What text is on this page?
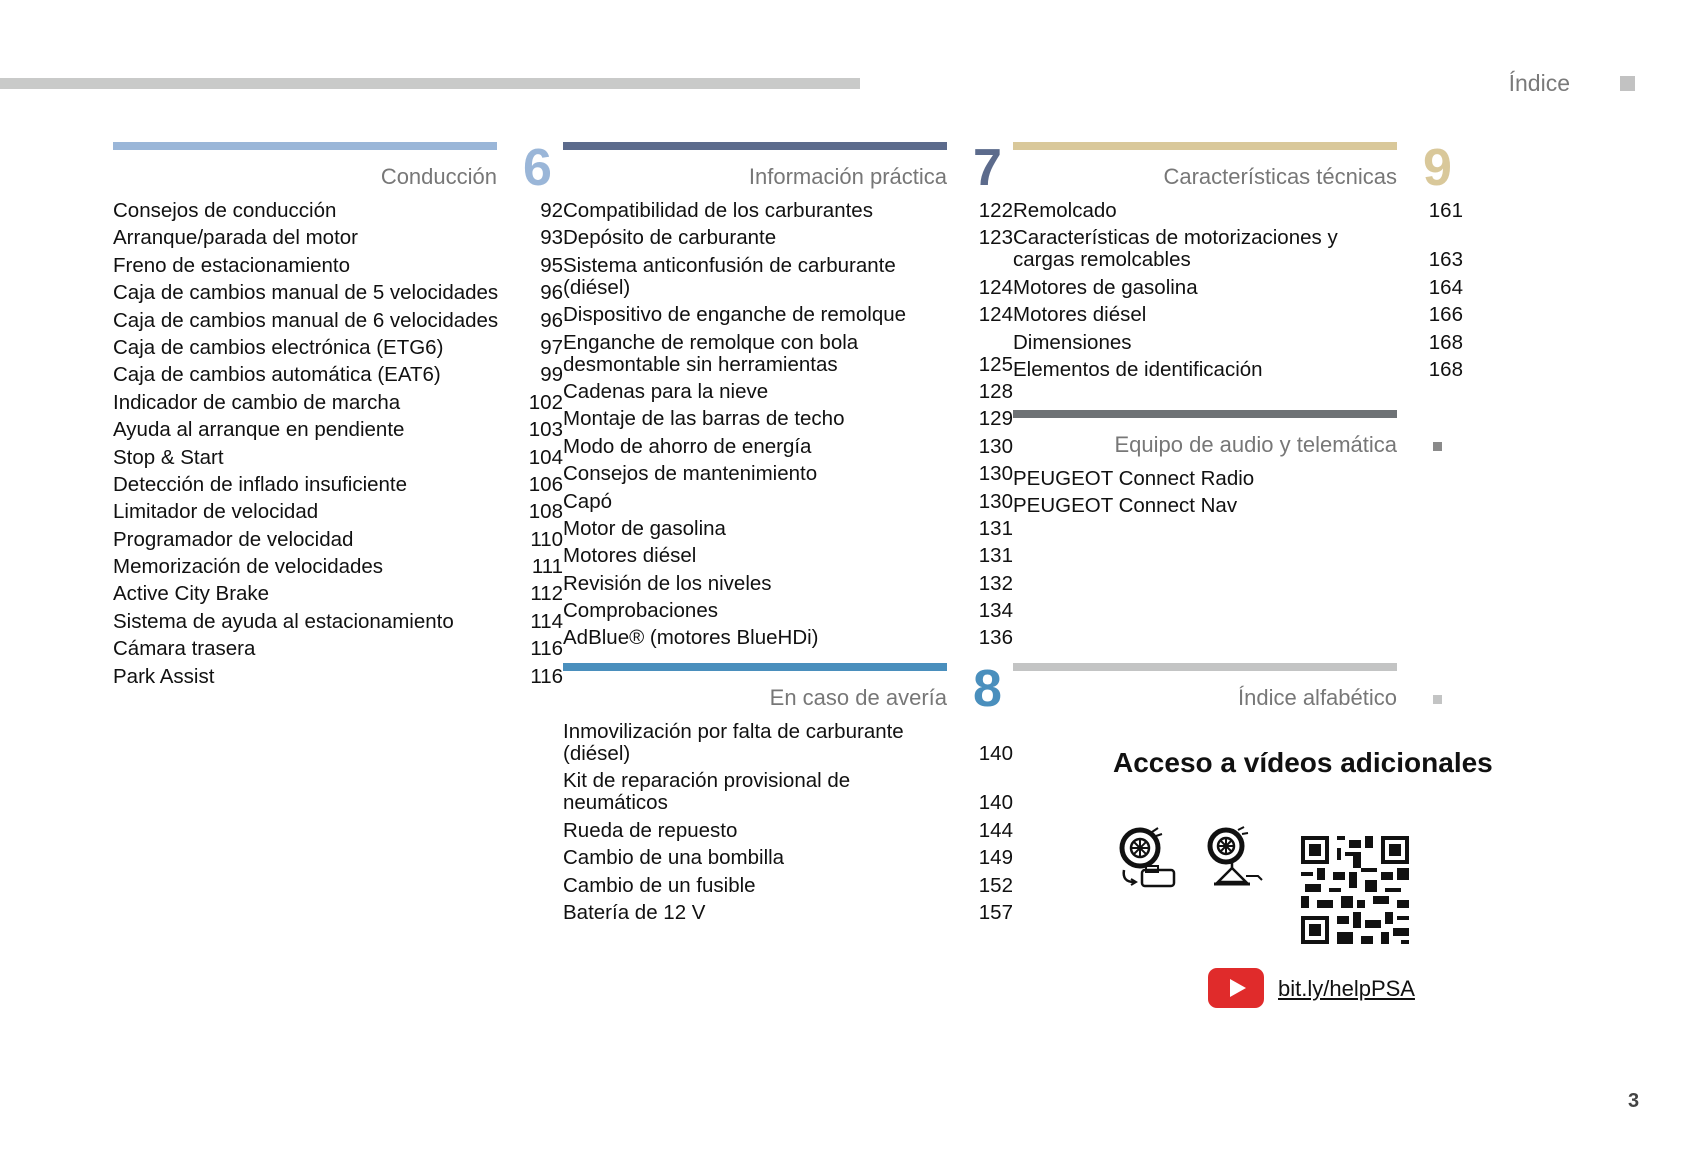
Índice
Conducción 6
Consejos de conducción	92
Arranque/parada del motor	93
Freno de estacionamiento	95
Caja de cambios manual de 5 velocidades	96
Caja de cambios manual de 6 velocidades	96
Caja de cambios electrónica (ETG6)	97
Caja de cambios automática (EAT6)	99
Indicador de cambio de marcha	102
Ayuda al arranque en pendiente	103
Stop & Start	104
Detección de inflado insuficiente	106
Limitador de velocidad	108
Programador de velocidad	110
Memorización de velocidades	111
Active City Brake	112
Sistema de ayuda al estacionamiento	114
Cámara trasera	116
Park Assist	116
Información práctica 7
Compatibilidad de los carburantes	122
Depósito de carburante	123
Sistema anticonfusión de carburante (diésel)	124
Dispositivo de enganche de remolque	124
Enganche de remolque con bola desmontable sin herramientas	125
Cadenas para la nieve	128
Montaje de las barras de techo	129
Modo de ahorro de energía	130
Consejos de mantenimiento	130
Capó	130
Motor de gasolina	131
Motores diésel	131
Revisión de los niveles	132
Comprobaciones	134
AdBlue® (motores BlueHDi)	136
En caso de avería 8
Inmovilización por falta de carburante (diésel)	140
Kit de reparación provisional de neumáticos	140
Rueda de repuesto	144
Cambio de una bombilla	149
Cambio de un fusible	152
Batería de 12 V	157
Características técnicas 9
Remolcado	161
Características de motorizaciones y cargas remolcables	163
Motores de gasolina	164
Motores diésel	166
Dimensiones	168
Elementos de identificación	168
Equipo de audio y telemática
PEUGEOT Connect Radio
PEUGEOT Connect Nav
Índice alfabético
Acceso a vídeos adicionales
bit.ly/helpPSA
3
